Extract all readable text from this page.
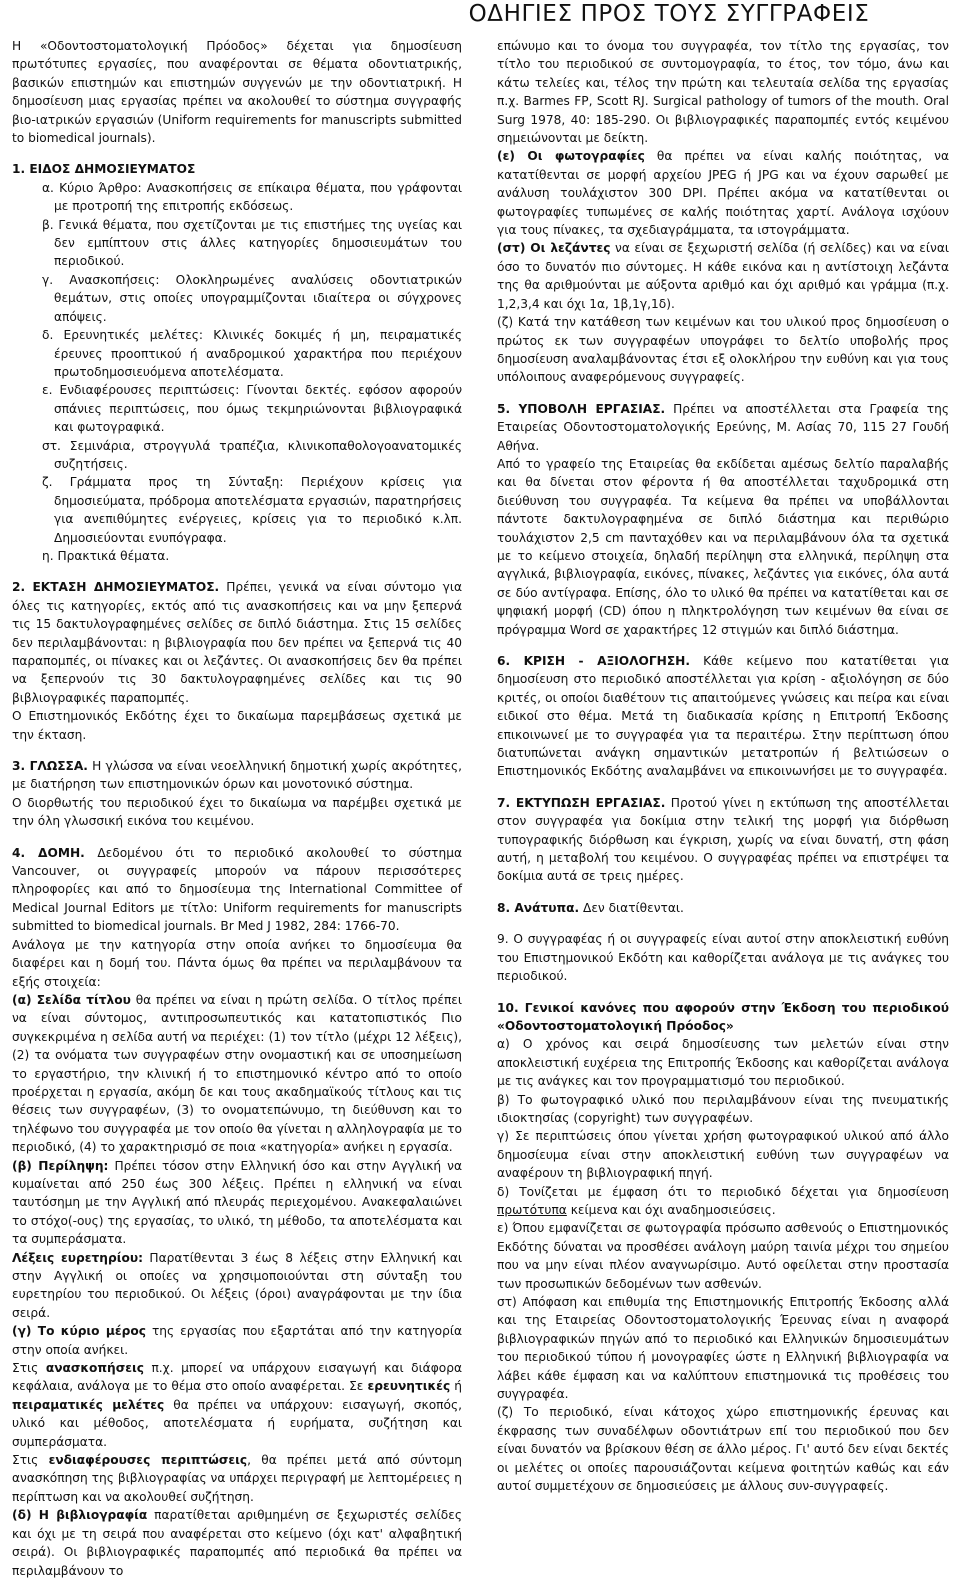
ΟΔΗΓΙΕΣ ΠΡΟΣ ΤΟΥΣ ΣΥΓΓΡΑΦΕΙΣ

Η «Οδοντοστοματολογική Πρόοδος» δέχεται για δημοσίευση πρωτότυπες εργασίες, που αναφέρονται σε θέματα οδοντιατρικής, βασικών επιστημών και επιστημών συγγενών με την οδοντιατρική. Η δημοσίευση μιας εργασίας πρέπει να ακολουθεί το σύστημα συγγραφής βιο-ιατρικών εργασιών (Uniform requirements for manuscripts submitted to biomedical journals).

1. ΕΙΔΟΣ ΔΗΜΟΣΙΕΥΜΑΤΟΣ

α. Κύριο Άρθρο: Ανασκοπήσεις σε επίκαιρα θέματα, που γράφονται με προτροπή της επιτροπής εκδόσεως.

β. Γενικά θέματα, που σχετίζονται με τις επιστήμες της υγείας και δεν εμπίπτουν στις άλλες κατηγορίες δημοσιευμάτων του περιοδικού.

γ. Ανασκοπήσεις: Ολοκληρωμένες αναλύσεις οδοντιατρικών θεμάτων, στις οποίες υπογραμμίζονται ιδιαίτερα οι σύγχρονες απόψεις.

δ. Ερευνητικές μελέτες: Κλινικές δοκιμές ή μη, πειραματικές έρευνες προοπτικού ή αναδρομικού χαρακτήρα που περιέχουν πρωτοδημοσιευόμενα αποτελέσματα.

ε. Ενδιαφέρουσες περιπτώσεις: Γίνονται δεκτές. εφόσον αφορούν σπάνιες περιπτώσεις, που όμως τεκμηριώνονται βιβλιογραφικά και φωτογραφικά.

στ. Σεμινάρια, στρογγυλά τραπέζια, κλινικοπαθολογοανατομικές συζητήσεις.

ζ. Γράμματα προς τη Σύνταξη: Περιέχουν κρίσεις για δημοσιεύματα, πρόδρομα αποτελέσματα εργασιών, παρατηρήσεις για ανεπιθύμητες ενέργειες, κρίσεις για το περιοδικό κ.λπ. Δημοσιεύονται ενυπόγραφα.

η. Πρακτικά θέματα.

2. ΕΚΤΑΣΗ ΔΗΜΟΣΙΕΥΜΑΤΟΣ. Πρέπει, γενικά να είναι σύντομο για όλες τις κατηγορίες, εκτός από τις ανασκοπήσεις και να μην ξεπερνά τις 15 δακτυλογραφημένες σελίδες σε διπλό διάστημα. Στις 15 σελίδες δεν περιλαμβάνονται: η βιβλιογραφία που δεν πρέπει να ξεπερνά τις 40 παραπομπές, οι πίνακες και οι λεζάντες. Οι ανασκοπήσεις δεν θα πρέπει να ξεπερνούν τις 30 δακτυλογραφημένες σελίδες και τις 90 βιβλιογραφικές παραπομπές.

Ο Επιστημονικός Εκδότης έχει το δικαίωμα παρεμβάσεως σχετικά με την έκταση.

3. ΓΛΩΣΣΑ. Η γλώσσα να είναι νεοελληνική δημοτική χωρίς ακρότητες, με διατήρηση των επιστημονικών όρων και μονοτονικό σύστημα.

Ο διορθωτής του περιοδικού έχει το δικαίωμα να παρέμβει σχετικά με την όλη γλωσσική εικόνα του κειμένου.

4. ΔΟΜΗ. Δεδομένου ότι το περιοδικό ακολουθεί το σύστημα Vancouver, οι συγγραφείς μπορούν να πάρουν περισσότερες πληροφορίες και από το δημοσίευμα της International Committee of Medical Journal Editors με τίτλο: Uniform requirements for manuscripts submitted to biomedical journals. Br Med J 1982, 284: 1766-70.

Ανάλογα με την κατηγορία στην οποία ανήκει το δημοσίευμα θα διαφέρει και η δομή του. Πάντα όμως θα πρέπει να περιλαμβάνουν τα εξής στοιχεία:

(α) Σελίδα τίτλου θα πρέπει να είναι η πρώτη σελίδα. Ο τίτλος πρέπει να είναι σύντομος, αντιπροσωπευτικός και κατατοπιστικός Πιο συγκεκριμένα η σελίδα αυτή να περιέχει: (1) τον τίτλο (μέχρι 12 λέξεις), (2) τα ονόματα των συγγραφέων στην ονομαστική και σε υποσημείωση το εργαστήριο, την κλινική ή το επιστημονικό κέντρο από το οποίο προέρχεται η εργασία, ακόμη δε και τους ακαδημαϊκούς τίτλους και τις θέσεις των συγγραφέων, (3) το ονοματεπώνυμο, τη διεύθυνση και το τηλέφωνο του συγγραφέα με τον οποίο θα γίνεται η αλληλογραφία με το περιοδικό, (4) το χαρακτηρισμό σε ποια «κατηγορία» ανήκει η εργασία.

(β) Περίληψη: Πρέπει τόσον στην Ελληνική όσο και στην Αγγλική να κυμαίνεται από 250 έως 300 λέξεις. Πρέπει η ελληνική να είναι ταυτόσημη με την Αγγλική από πλευράς περιεχομένου. Ανακεφαλαιώνει το στόχο(-ους) της εργασίας, το υλικό, τη μέθοδο, τα αποτελέσματα και τα συμπεράσματα.

Λέξεις ευρετηρίου: Παρατίθενται 3 έως 8 λέξεις στην Ελληνική και στην Αγγλική οι οποίες να χρησιμοποιούνται στη σύνταξη του ευρετηρίου του περιοδικού. Οι λέξεις (όροι) αναγράφονται με την ίδια σειρά.

(γ) Το κύριο μέρος της εργασίας που εξαρτάται από την κατηγορία στην οποία ανήκει.

Στις ανασκοπήσεις π.χ. μπορεί να υπάρχουν εισαγωγή και διάφορα κεφάλαια, ανάλογα με το θέμα στο οποίο αναφέρεται. Σε ερευνητικές ή πειραματικές μελέτες θα πρέπει να υπάρχουν: εισαγωγή, σκοπός, υλικό και μέθοδος, αποτελέσματα ή ευρήματα, συζήτηση και συμπεράσματα.

Στις ενδιαφέρουσες περιπτώσεις, θα πρέπει μετά από σύντομη ανασκόπηση της βιβλιογραφίας να υπάρχει περιγραφή με λεπτομέρειες η περίπτωση και να ακολουθεί συζήτηση.

(δ) Η βιβλιογραφία παρατίθεται αριθμημένη σε ξεχωριστές σελίδες και όχι με τη σειρά που αναφέρεται στο κείμενο (όχι κατ' αλφαβητική σειρά). Οι βιβλιογραφικές παραπομπές από περιοδικά θα πρέπει να περιλαμβάνουν το

επώνυμο και το όνομα του συγγραφέα, τον τίτλο της εργασίας, τον τίτλο του περιοδικού σε συντομογραφία, το έτος, τον τόμο, άνω και κάτω τελείες και, τέλος την πρώτη και τελευταία σελίδα της εργασίας π.χ. Barmes FP, Scott RJ. Surgical pathology of tumors of the mouth. Oral Surg 1978, 40: 185-290. Οι βιβλιογραφικές παραπομπές εντός κειμένου σημειώνονται με δείκτη.

(ε) Οι φωτογραφίες θα πρέπει να είναι καλής ποιότητας, να κατατίθενται σε μορφή αρχείου JPEG ή JPG και να έχουν σαρωθεί με ανάλυση τουλάχιστον 300 DPI. Πρέπει ακόμα να κατατίθενται οι φωτογραφίες τυπωμένες σε καλής ποιότητας χαρτί. Ανάλογα ισχύουν για τους πίνακες, τα σχεδιαγράμματα, τα ιστογράμματα.

(στ) Οι λεζάντες να είναι σε ξεχωριστή σελίδα (ή σελίδες) και να είναι όσο το δυνατόν πιο σύντομες. Η κάθε εικόνα και η αντίστοιχη λεζάντα της θα αριθμούνται με αύξοντα αριθμό και όχι αριθμό και γράμμα (π.χ. 1,2,3,4 και όχι 1α, 1β,1γ,1δ).

(ζ) Κατά την κατάθεση των κειμένων και του υλικού προς δημοσίευση ο πρώτος εκ των συγγραφέων υπογράφει το δελτίο υποβολής προς δημοσίευση αναλαμβάνοντας έτσι εξ ολοκλήρου την ευθύνη και για τους υπόλοιπους αναφερόμενους συγγραφείς.

5. ΥΠΟΒΟΛΗ ΕΡΓΑΣΙΑΣ. Πρέπει να αποστέλλεται στα Γραφεία της Εταιρείας Οδοντοστοματολογικής Ερεύνης, Μ. Ασίας 70, 115 27 Γουδή Αθήνα.

Από το γραφείο της Εταιρείας θα εκδίδεται αμέσως δελτίο παραλαβής και θα δίνεται στον φέροντα ή θα αποστέλλεται ταχυδρομικά στη διεύθυνση του συγγραφέα. Τα κείμενα θα πρέπει να υποβάλλονται πάντοτε δακτυλογραφημένα σε διπλό διάστημα και περιθώριο τουλάχιστον 2,5 cm πανταχόθεν και να περιλαμβάνουν όλα τα σχετικά με το κείμενο στοιχεία, δηλαδή περίληψη στα ελληνικά, περίληψη στα αγγλικά, βιβλιογραφία, εικόνες, πίνακες, λεζάντες για εικόνες, όλα αυτά σε δύο αντίγραφα. Επίσης, όλο το υλικό θα πρέπει να κατατίθεται και σε ψηφιακή μορφή (CD) όπου η πληκτρολόγηση των κειμένων θα είναι σε πρόγραμμα Word σε χαρακτήρες 12 στιγμών και διπλό διάστημα.

6. ΚΡΙΣΗ - ΑΞΙΟΛΟΓΗΣΗ. Κάθε κείμενο που κατατίθεται για δημοσίευση στο περιοδικό αποστέλλεται για κρίση - αξιολόγηση σε δύο κριτές, οι οποίοι διαθέτουν τις απαιτούμενες γνώσεις και πείρα και είναι ειδικοί στο θέμα. Μετά τη διαδικασία κρίσης η Επιτροπή Έκδοσης επικοινωνεί με το συγγραφέα για τα περαιτέρω. Στην περίπτωση όπου διατυπώνεται ανάγκη σημαντικών μετατροπών ή βελτιώσεων ο Επιστημονικός Εκδότης αναλαμβάνει να επικοινωνήσει με το συγγραφέα.

7. ΕΚΤΥΠΩΣΗ ΕΡΓΑΣΙΑΣ. Προτού γίνει η εκτύπωση της αποστέλλεται στον συγγραφέα για δοκίμια στην τελική της μορφή για διόρθωση τυπογραφικής διόρθωση και έγκριση, χωρίς να είναι δυνατή, στη φάση αυτή, η μεταβολή του κειμένου. Ο συγγραφέας πρέπει να επιστρέψει τα δοκίμια αυτά σε τρεις ημέρες.

8. Ανάτυπα. Δεν διατίθενται.

9. Ο συγγραφέας ή οι συγγραφείς είναι αυτοί στην αποκλειστική ευθύνη του Επιστημονικού Εκδότη και καθορίζεται ανάλογα με τις ανάγκες του περιοδικού.

10. Γενικοί κανόνες που αφορούν στην Έκδοση του περιοδικού «Οδοντοστοματολογική Πρόοδος»

α) Ο χρόνος και σειρά δημοσίευσης των μελετών είναι στην αποκλειστική ευχέρεια της Επιτροπής Έκδοσης και καθορίζεται ανάλογα με τις ανάγκες και τον προγραμματισμό του περιοδικού.

β) Το φωτογραφικό υλικό που περιλαμβάνουν είναι της πνευματικής ιδιοκτησίας (copyright) των συγγραφέων.

γ) Σε περιπτώσεις όπου γίνεται χρήση φωτογραφικού υλικού από άλλο δημοσίευμα είναι στην αποκλειστική ευθύνη των συγγραφέων να αναφέρουν τη βιβλιογραφική πηγή.

δ) Τονίζεται με έμφαση ότι το περιοδικό δέχεται για δημοσίευση πρωτότυπα κείμενα και όχι αναδημοσιεύσεις.

ε) Όπου εμφανίζεται σε φωτογραφία πρόσωπο ασθενούς ο Επιστημονικός Εκδότης δύναται να προσθέσει ανάλογη μαύρη ταινία μέχρι του σημείου που να μην είναι πλέον αναγνωρίσιμο. Αυτό οφείλεται στην προστασία των προσωπικών δεδομένων των ασθενών.

στ) Απόφαση και επιθυμία της Επιστημονικής Επιτροπής Έκδοσης αλλά και της Εταιρείας Οδοντοστοματολογικής Έρευνας είναι η αναφορά βιβλιογραφικών πηγών από το περιοδικό και Ελληνικών δημοσιευμάτων του περιοδικού τύπου ή μονογραφίες ώστε η Ελληνική βιβλιογραφία να λάβει κάθε έμφαση και να καλύπτουν επιστημονικά τις προθέσεις του συγγραφέα.

(ζ) Το περιοδικό, είναι κάτοχος χώρο επιστημονικής έρευνας και έκφρασης των συναδέλφων οδοντιάτρων επί του περιοδικού που δεν είναι δυνατόν να βρίσκουν θέση σε άλλο μέρος. Γι' αυτό δεν είναι δεκτές οι μελέτες οι οποίες παρουσιάζονται κείμενα φοιτητών καθώς και εάν αυτοί συμμετέχουν σε δημοσιεύσεις με άλλους συν-συγγραφείς.
